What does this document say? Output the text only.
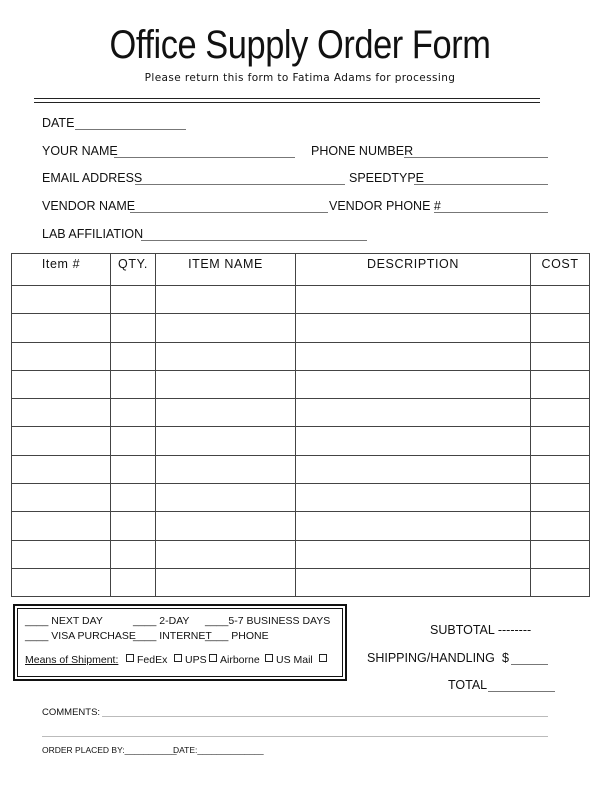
Office Supply Order Form
Please return this form to Fatima Adams for processing
DATE
YOUR NAME	PHONE NUMBER
EMAIL ADDRESS	SPEEDTYPE
VENDOR NAME	VENDOR PHONE #
LAB AFFILIATION
Item #	QTY.	ITEM NAME	DESCRIPTION	COST

____ NEXT DAY	____ 2-DAY ____5-7 BUSINESS DAYS
____ VISA PURCHASE
____ INTERNET
____ PHONE
Means of Shipment:	FedEx	UPS	Airborne	US Mail
SUBTOTAL --------
SHIPPING/HANDLING $
TOTAL
COMMENTS:
ORDER PLACED BY:___________
DATE:______________
